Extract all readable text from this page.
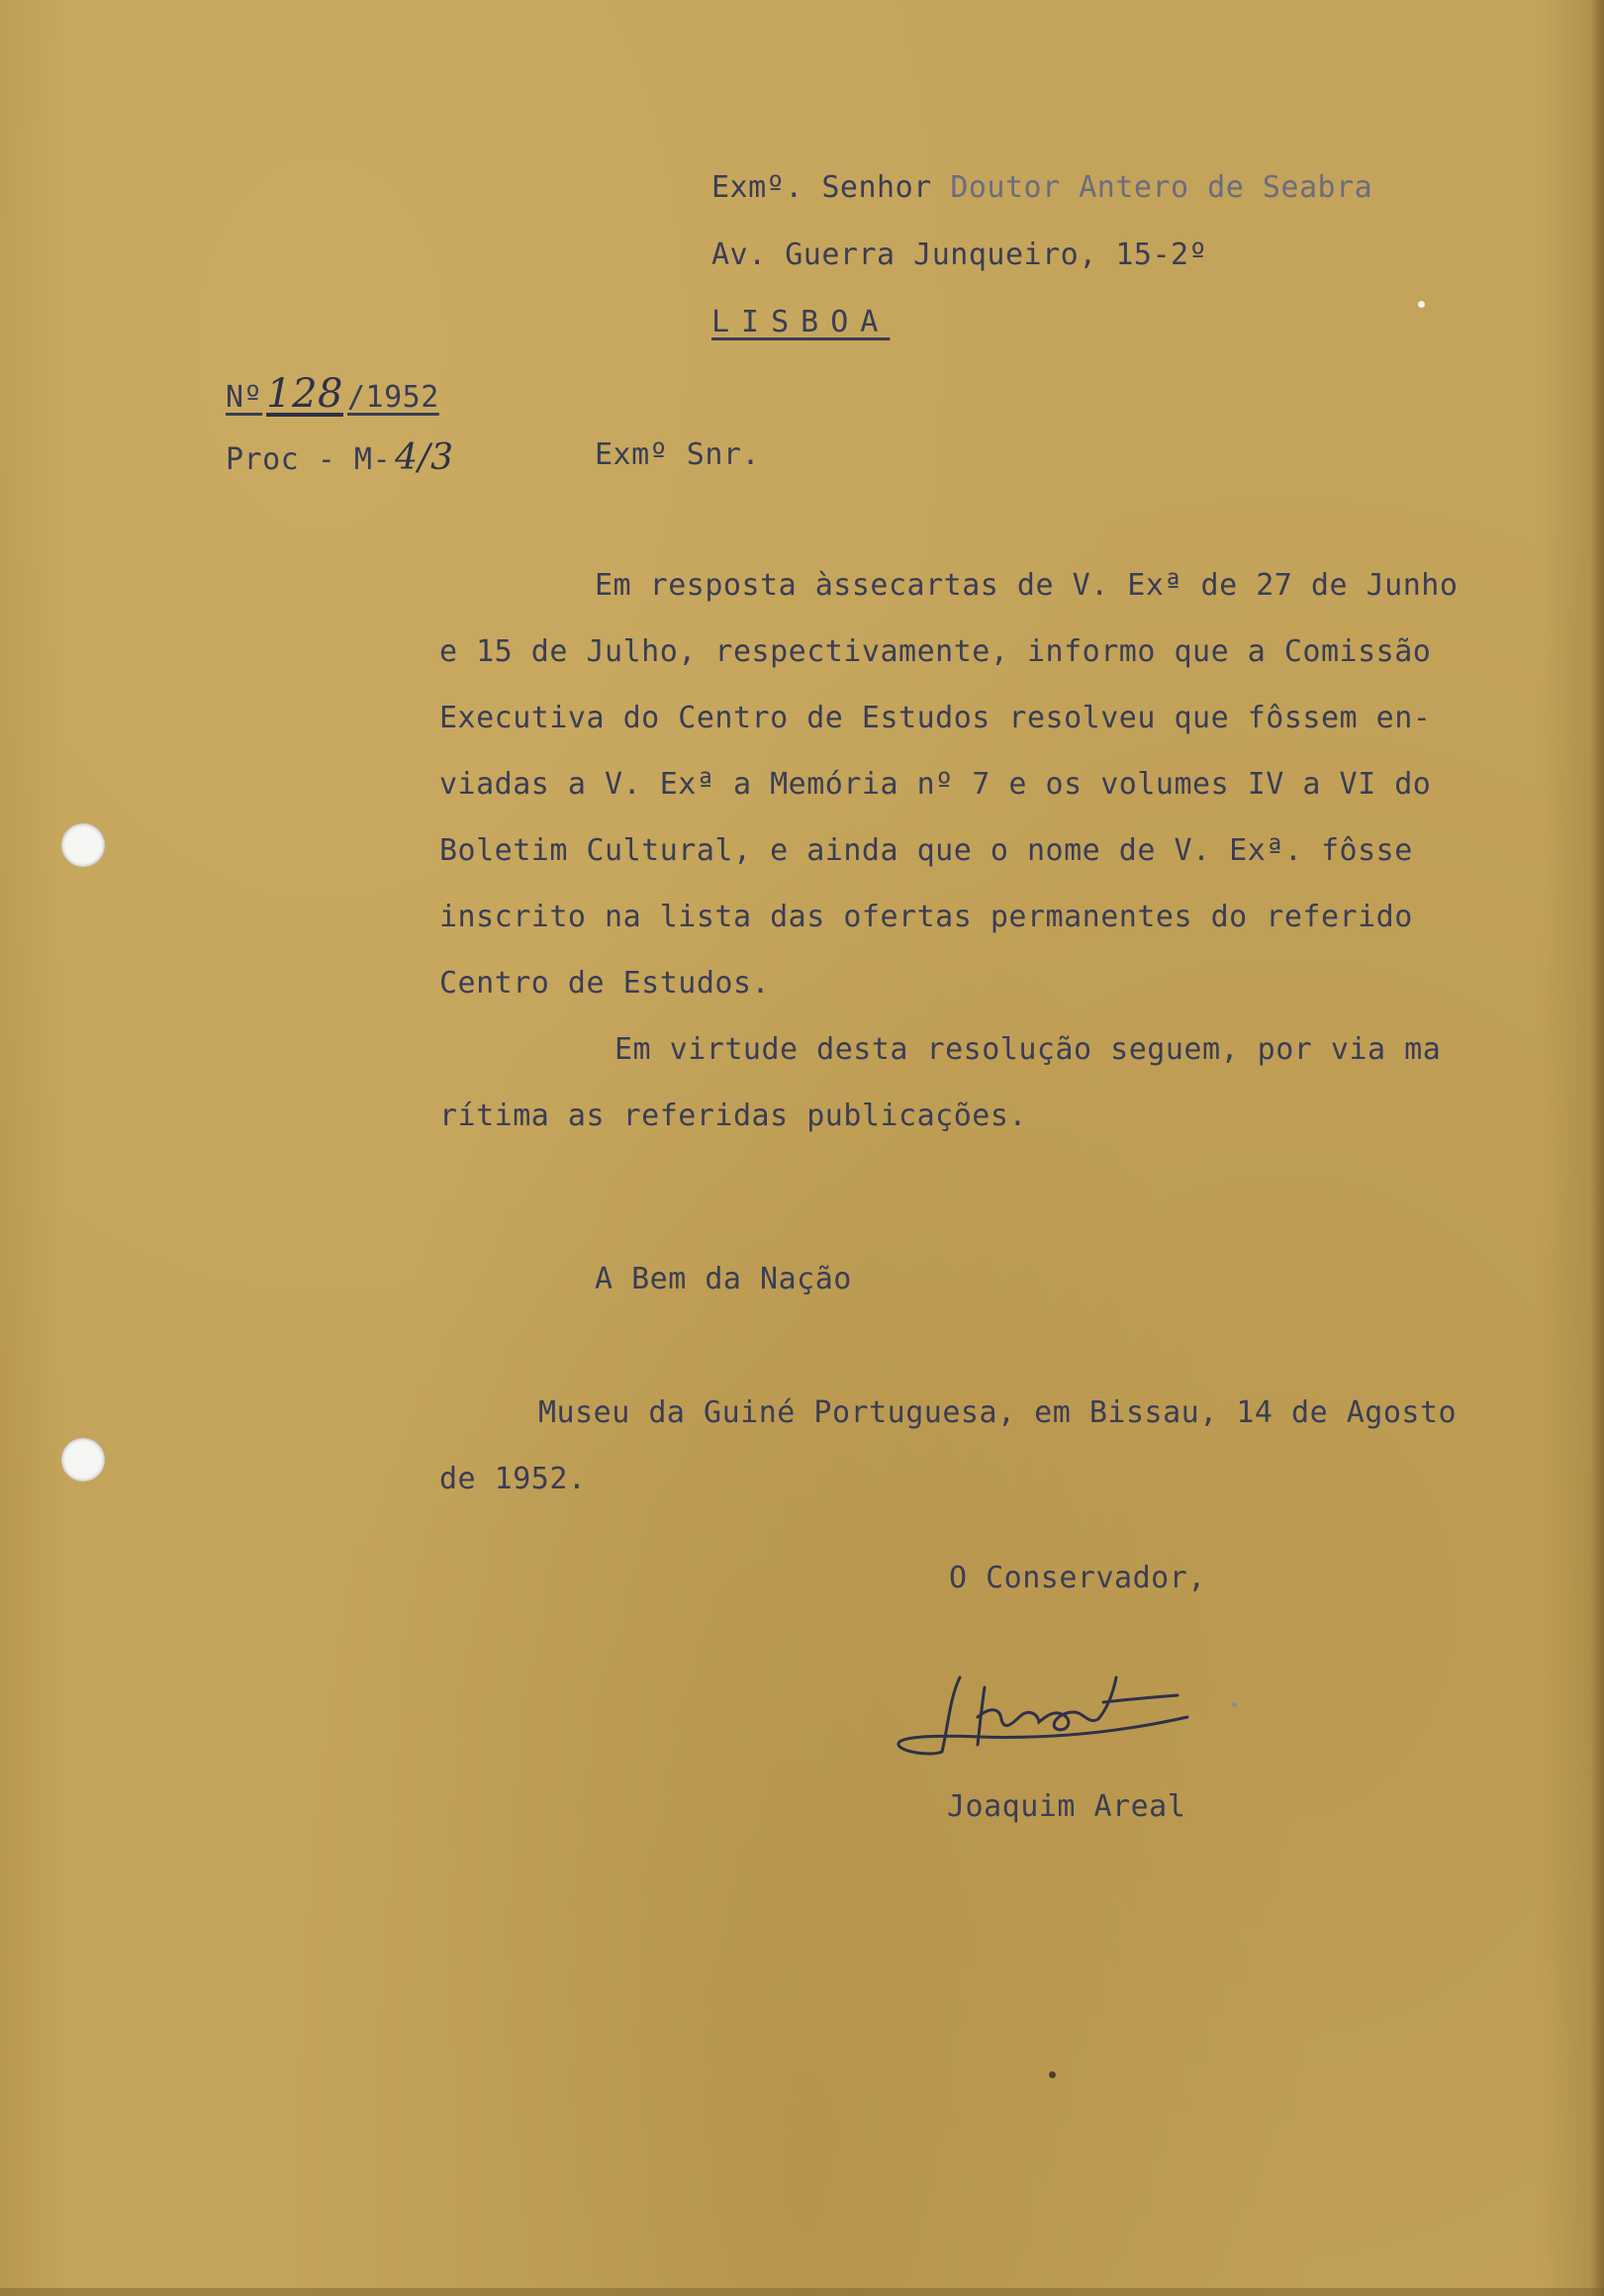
Exmº. Senhor Doutor Antero de Seabra
Av. Guerra Junqueiro, 15-2º
LISBOA
Nº 128 /1952
Proc - M- 4/3	Exmº Snr.
Em resposta àssecartas de V. Exª de 27 de Junho
e 15 de Julho, respectivamente, informo que a Comissão
Executiva do Centro de Estudos resolveu que fôssem en-
viadas a V. Exª a Memória nº 7 e os volumes IV a VI do
Boletim Cultural, e ainda que o nome de V. Exª. fôsse
inscrito na lista das ofertas permanentes do referido
Centro de Estudos.
Em virtude desta resolução seguem, por via ma
rítima as referidas publicações.
A Bem da Nação
Museu da Guiné Portuguesa, em Bissau, 14 de Agosto
de 1952.
O Conservador,
Joaquim Areal
